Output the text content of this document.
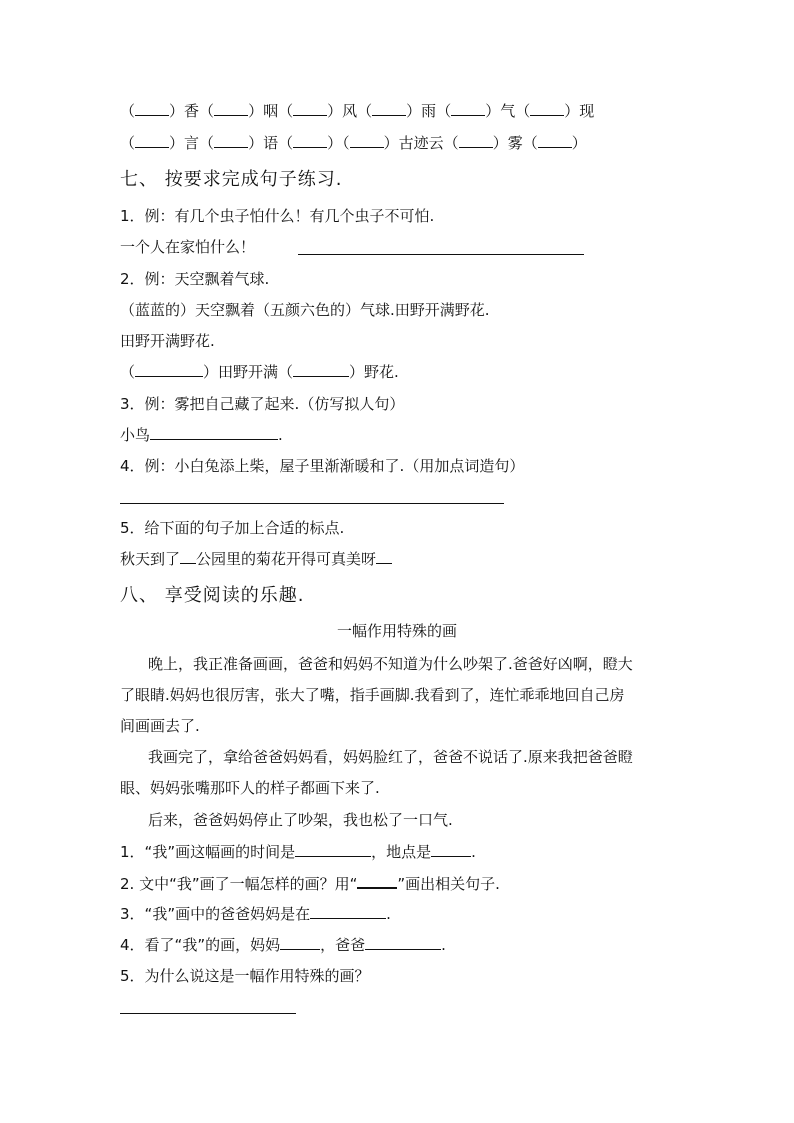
（ ）香（ ）咽（ ）风（ ）雨（ ）气（ ）现
（ ）言（ ）语（ ）（ ）古迹云（ ）雾（ ）
七、 按要求完成句子练习.
1．例：有几个虫子怕什么！有几个虫子不可怕.
一个人在家怕什么！
2．例：天空飘着气球.
（蓝蓝的）天空飘着（五颜六色的）气球.田野开满野花.
田野开满野花.
（	）田野开满（	）野花.
3．例：雾把自己藏了起来.（仿写拟人句）
小鸟	.
4．例：小白兔添上柴，屋子里渐渐暖和了.（用加点词造句）
5．给下面的句子加上合适的标点.
秋天到了 公园里的菊花开得可真美呀
八、 享受阅读的乐趣.
一幅作用特殊的画
晚上，我正准备画画，爸爸和妈妈不知道为什么吵架了.爸爸好凶啊，瞪大
了眼睛.妈妈也很厉害，张大了嘴，指手画脚.我看到了，连忙乖乖地回自己房
间画画去了.
我画完了，拿给爸爸妈妈看，妈妈脸红了，爸爸不说话了.原来我把爸爸瞪
眼、妈妈张嘴那吓人的样子都画下来了.
后来，爸爸妈妈停止了吵架，我也松了一口气.
1．“我”画这幅画的时间是	，地点是	.
2. 文中“我”画了一幅怎样的画？用“	”画出相关句子.
3．“我”画中的爸爸妈妈是在	.
4．看了“我”的画，妈妈	，爸爸	.
5．为什么说这是一幅作用特殊的画？
